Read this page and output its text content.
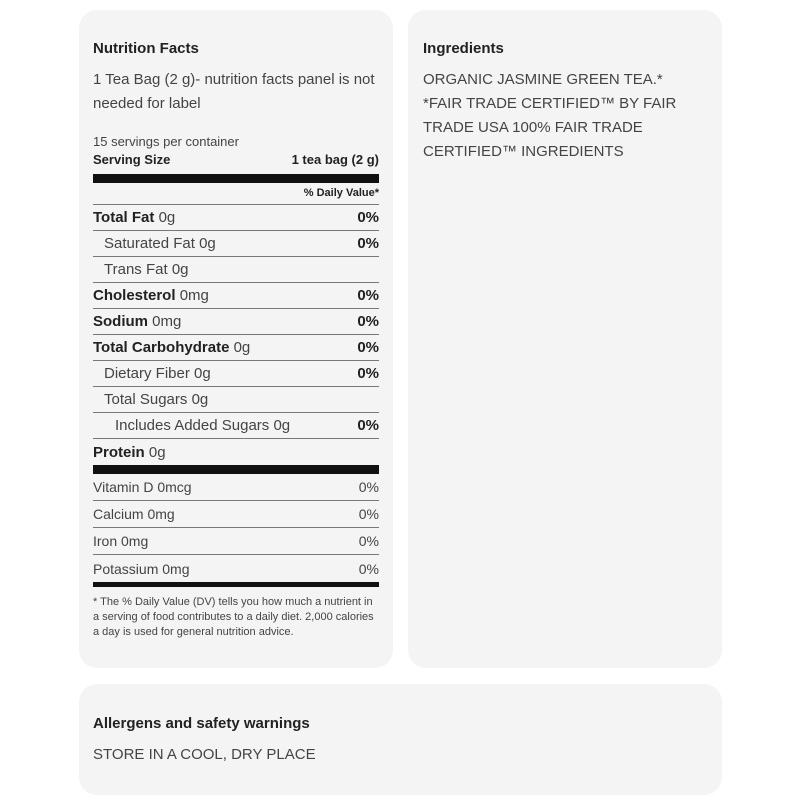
Nutrition Facts
1 Tea Bag (2 g)- nutrition facts panel is not needed for label
15 servings per container
Serving Size	1 tea bag (2 g)
% Daily Value*
Total Fat 0g	0%
Saturated Fat 0g	0%
Trans Fat 0g
Cholesterol 0mg	0%
Sodium 0mg	0%
Total Carbohydrate 0g	0%
Dietary Fiber 0g	0%
Total Sugars 0g
Includes Added Sugars 0g	0%
Protein 0g
Vitamin D 0mcg	0%
Calcium 0mg	0%
Iron 0mg	0%
Potassium 0mg	0%
* The % Daily Value (DV) tells you how much a nutrient in a serving of food contributes to a daily diet. 2,000 calories a day is used for general nutrition advice.
Ingredients
ORGANIC JASMINE GREEN TEA.* *FAIR TRADE CERTIFIED™ BY FAIR TRADE USA 100% FAIR TRADE CERTIFIED™ INGREDIENTS
Allergens and safety warnings
STORE IN A COOL, DRY PLACE
